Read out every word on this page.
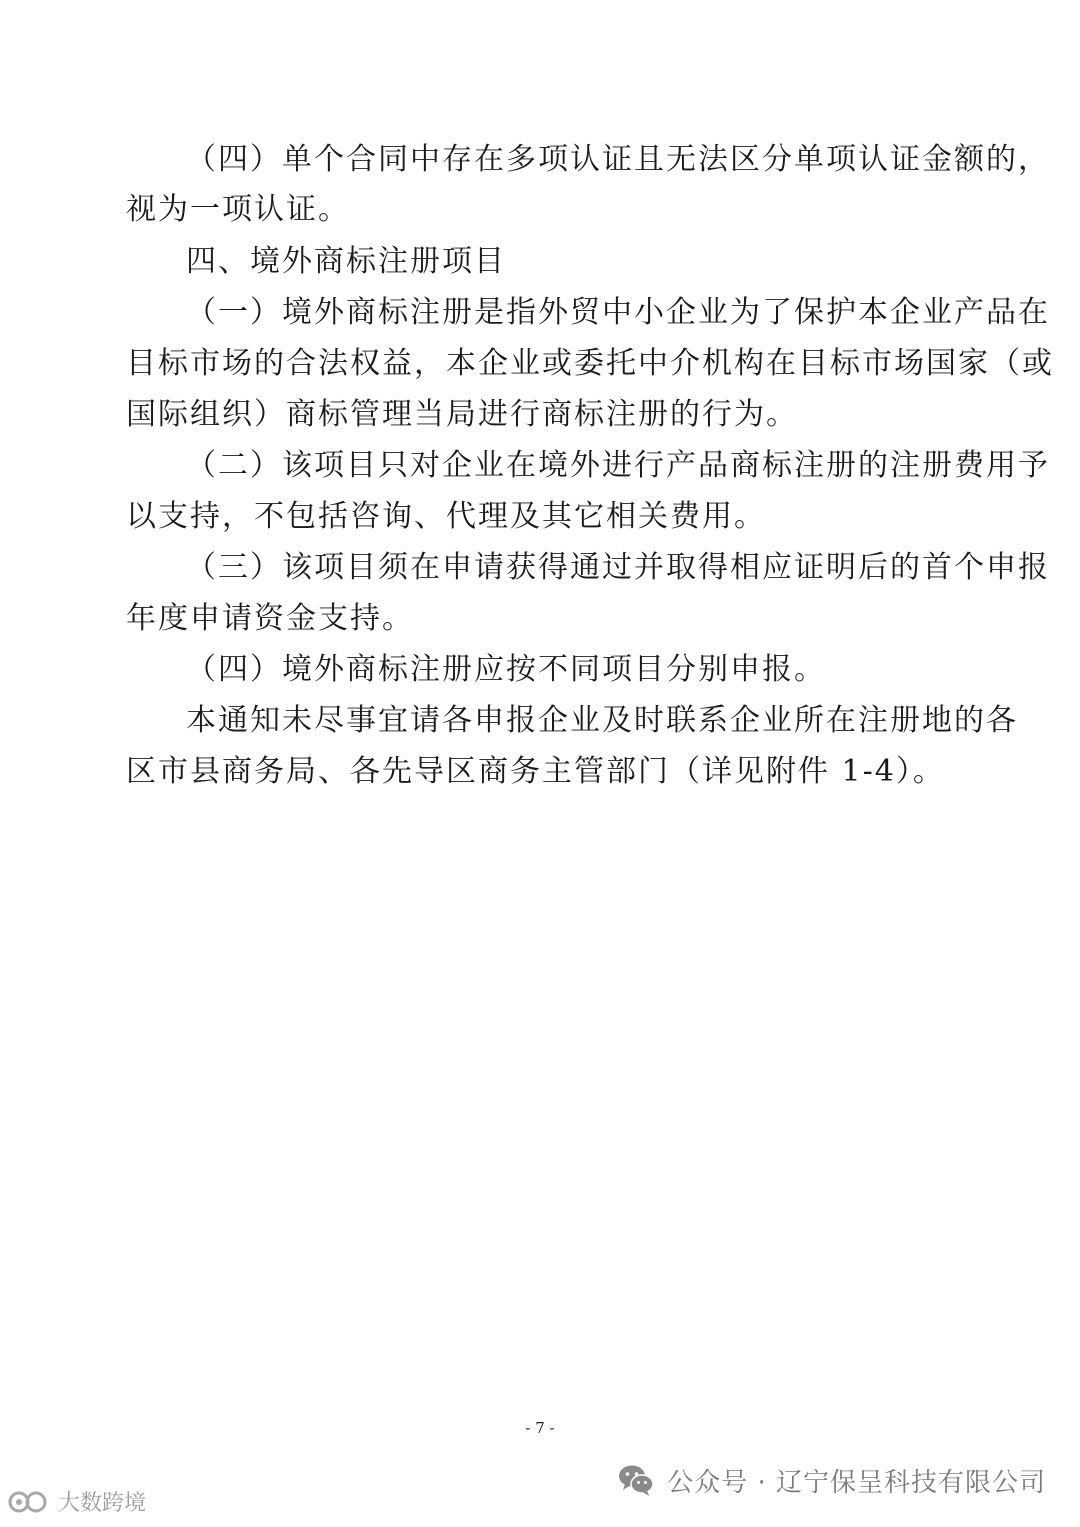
（四）单个合同中存在多项认证且无法区分单项认证金额的，
视为一项认证。
四、境外商标注册项目
（一）境外商标注册是指外贸中小企业为了保护本企业产品在
目标市场的合法权益，本企业或委托中介机构在目标市场国家（或
国际组织）商标管理当局进行商标注册的行为。
（二）该项目只对企业在境外进行产品商标注册的注册费用予
以支持，不包括咨询、代理及其它相关费用。
（三）该项目须在申请获得通过并取得相应证明后的首个申报
年度申请资金支持。
（四）境外商标注册应按不同项目分别申报。
本通知未尽事宜请各申报企业及时联系企业所在注册地的各
区市县商务局、各先导区商务主管部门（详见附件 1-4）。
- 7 -
公众号 · 辽宁保呈科技有限公司
大数跨境
